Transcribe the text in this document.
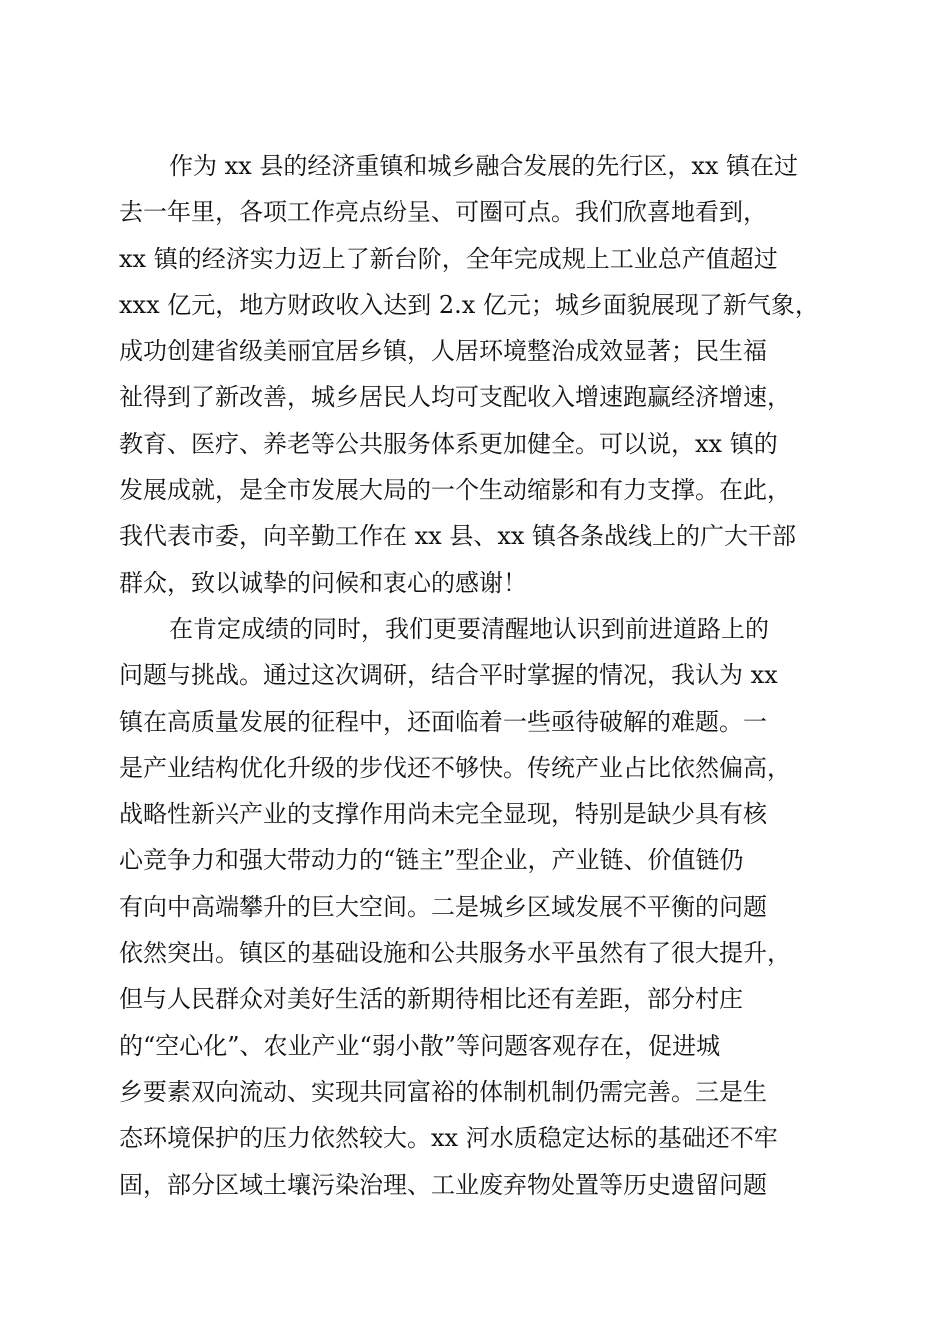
作为 xx 县的经济重镇和城乡融合发展的先行区，xx 镇在过
去一年里，各项工作亮点纷呈、可圈可点。我们欣喜地看到，
xx 镇的经济实力迈上了新台阶，全年完成规上工业总产值超过
xxx 亿元，地方财政收入达到 2.x 亿元；城乡面貌展现了新气象，
成功创建省级美丽宜居乡镇，人居环境整治成效显著；民生福
祉得到了新改善，城乡居民人均可支配收入增速跑赢经济增速，
教育、医疗、养老等公共服务体系更加健全。可以说，xx 镇的
发展成就，是全市发展大局的一个生动缩影和有力支撑。在此，
我代表市委，向辛勤工作在 xx 县、xx 镇各条战线上的广大干部
群众，致以诚挚的问候和衷心的感谢！
在肯定成绩的同时，我们更要清醒地认识到前进道路上的
问题与挑战。通过这次调研，结合平时掌握的情况，我认为 xx
镇在高质量发展的征程中，还面临着一些亟待破解的难题。一
是产业结构优化升级的步伐还不够快。传统产业占比依然偏高，
战略性新兴产业的支撑作用尚未完全显现，特别是缺少具有核
心竞争力和强大带动力的“链主”型企业，产业链、价值链仍
有向中高端攀升的巨大空间。二是城乡区域发展不平衡的问题
依然突出。镇区的基础设施和公共服务水平虽然有了很大提升，
但与人民群众对美好生活的新期待相比还有差距，部分村庄
的“空心化”、农业产业“弱小散”等问题客观存在，促进城
乡要素双向流动、实现共同富裕的体制机制仍需完善。三是生
态环境保护的压力依然较大。xx 河水质稳定达标的基础还不牢
固，部分区域土壤污染治理、工业废弃物处置等历史遗留问题
